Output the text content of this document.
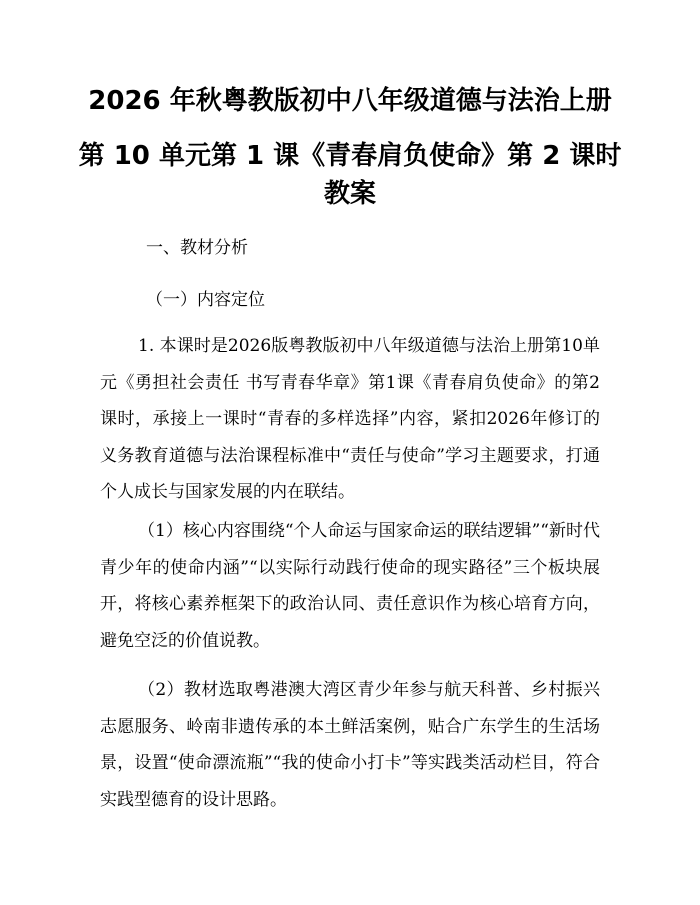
2026 年秋粤教版初中八年级道德与法治上册
第 10 单元第 1 课《青春肩负使命》第 2 课时
教案
一、教材分析
（一）内容定位

1. 本课时是2026版粤教版初中八年级道德与法治上册第10单元《勇担社会责任 书写青春华章》第1课《青春肩负使命》的第2课时，承接上一课时“青春的多样选择”内容，紧扣2026年修订的义务教育道德与法治课程标准中“责任与使命”学习主题要求，打通个人成长与国家发展的内在联结。

（1）核心内容围绕“个人命运与国家命运的联结逻辑”“新时代青少年的使命内涵”“以实际行动践行使命的现实路径”三个板块展开，将核心素养框架下的政治认同、责任意识作为核心培育方向，避免空泛的价值说教。

（2）教材选取粤港澳大湾区青少年参与航天科普、乡村振兴志愿服务、岭南非遗传承的本土鲜活案例，贴合广东学生的生活场景，设置“使命漂流瓶”“我的使命小打卡”等实践类活动栏目，符合实践型德育的设计思路。
